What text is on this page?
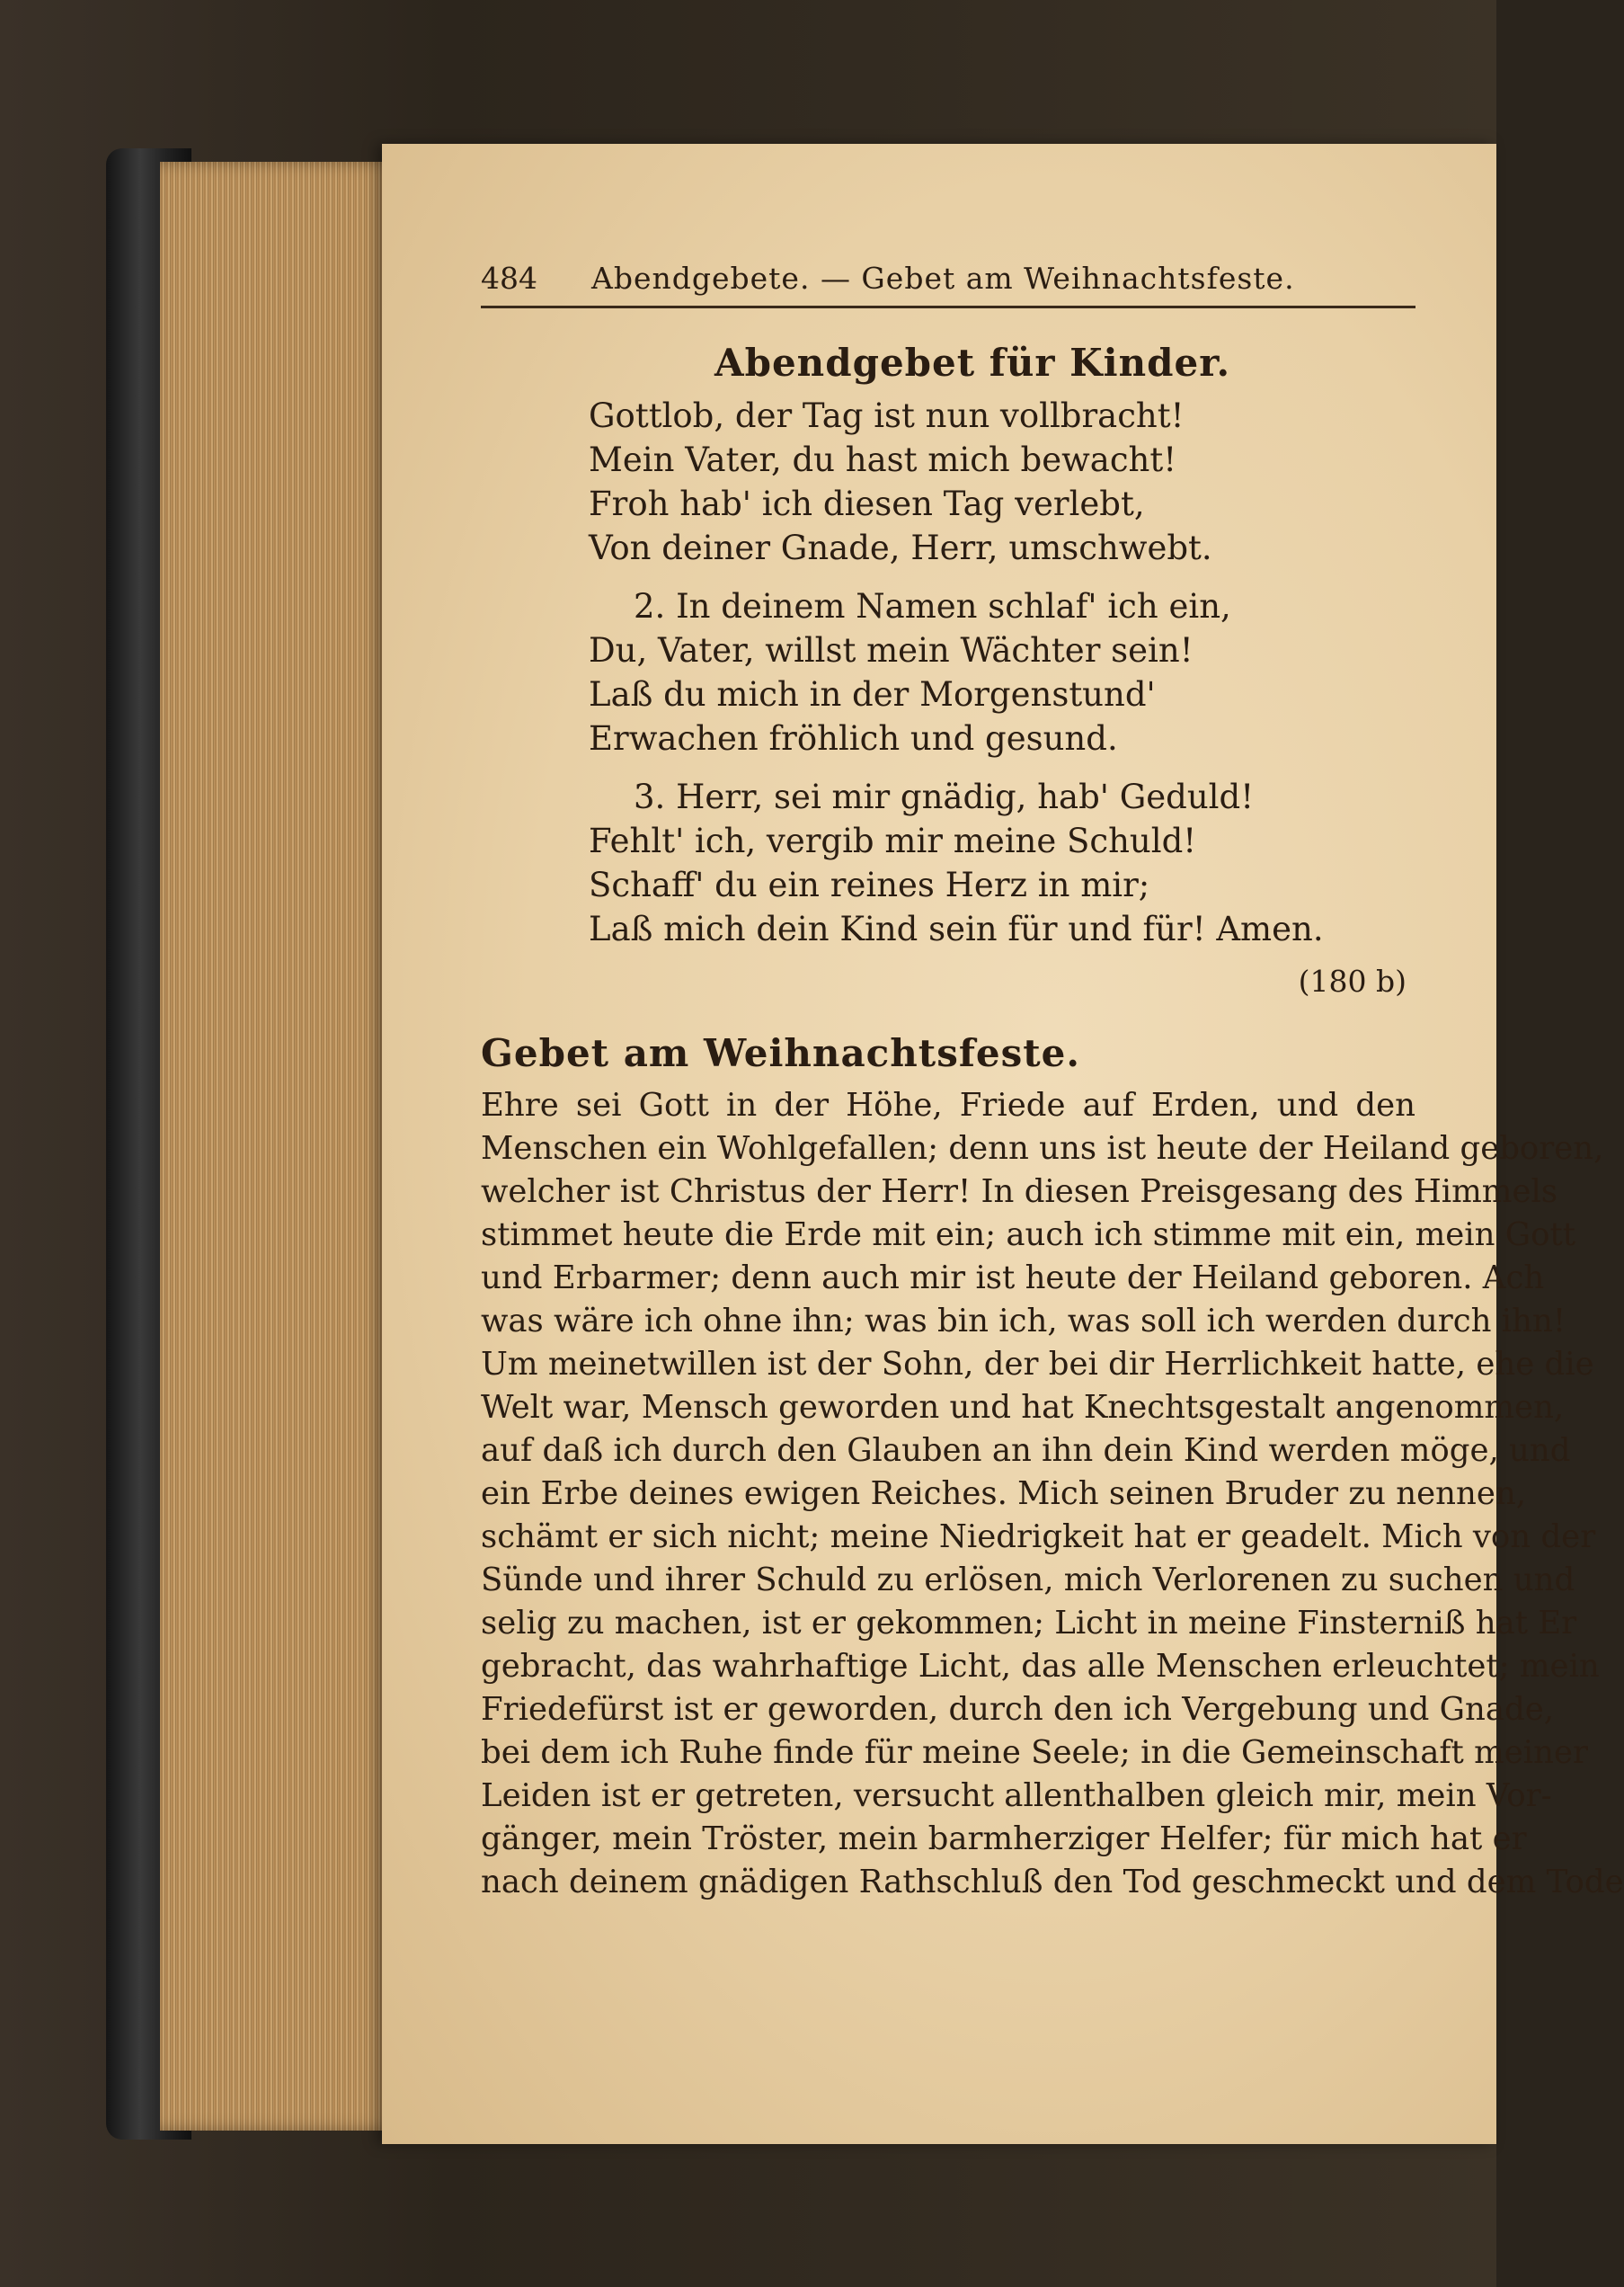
484 Abendgebete. — Gebet am Weihnachtsfeste.
Abendgebet für Kinder.
Gottlob, der Tag ist nun vollbracht!
Mein Vater, du hast mich bewacht!
Froh hab' ich diesen Tag verlebt,
Von deiner Gnade, Herr, umschwebt.
2. In deinem Namen schlaf' ich ein,
Du, Vater, willst mein Wächter sein!
Laß du mich in der Morgenstund'
Erwachen fröhlich und gesund.
3. Herr, sei mir gnädig, hab' Geduld!
Fehlt' ich, vergib mir meine Schuld!
Schaff' du ein reines Herz in mir;
Laß mich dein Kind sein für und für! Amen.
(180 b)
Gebet am Weihnachtsfeste.
Ehre sei Gott in der Höhe, Friede auf Erden, und den
Menschen ein Wohlgefallen; denn uns ist heute der Heiland geboren,
welcher ist Christus der Herr! In diesen Preisgesang des Himmels
stimmet heute die Erde mit ein; auch ich stimme mit ein, mein Gott
und Erbarmer; denn auch mir ist heute der Heiland geboren. Ach
was wäre ich ohne ihn; was bin ich, was soll ich werden durch ihn!
Um meinetwillen ist der Sohn, der bei dir Herrlichkeit hatte, ehe die
Welt war, Mensch geworden und hat Knechtsgestalt angenommen,
auf daß ich durch den Glauben an ihn dein Kind werden möge, und
ein Erbe deines ewigen Reiches. Mich seinen Bruder zu nennen,
schämt er sich nicht; meine Niedrigkeit hat er geadelt. Mich von der
Sünde und ihrer Schuld zu erlösen, mich Verlorenen zu suchen und
selig zu machen, ist er gekommen; Licht in meine Finsterniß hat Er
gebracht, das wahrhaftige Licht, das alle Menschen erleuchtet; mein
Friedefürst ist er geworden, durch den ich Vergebung und Gnade,
bei dem ich Ruhe finde für meine Seele; in die Gemeinschaft meiner
Leiden ist er getreten, versucht allenthalben gleich mir, mein Vor-
gänger, mein Tröster, mein barmherziger Helfer; für mich hat er
nach deinem gnädigen Rathschluß den Tod geschmeckt und dem Tode
